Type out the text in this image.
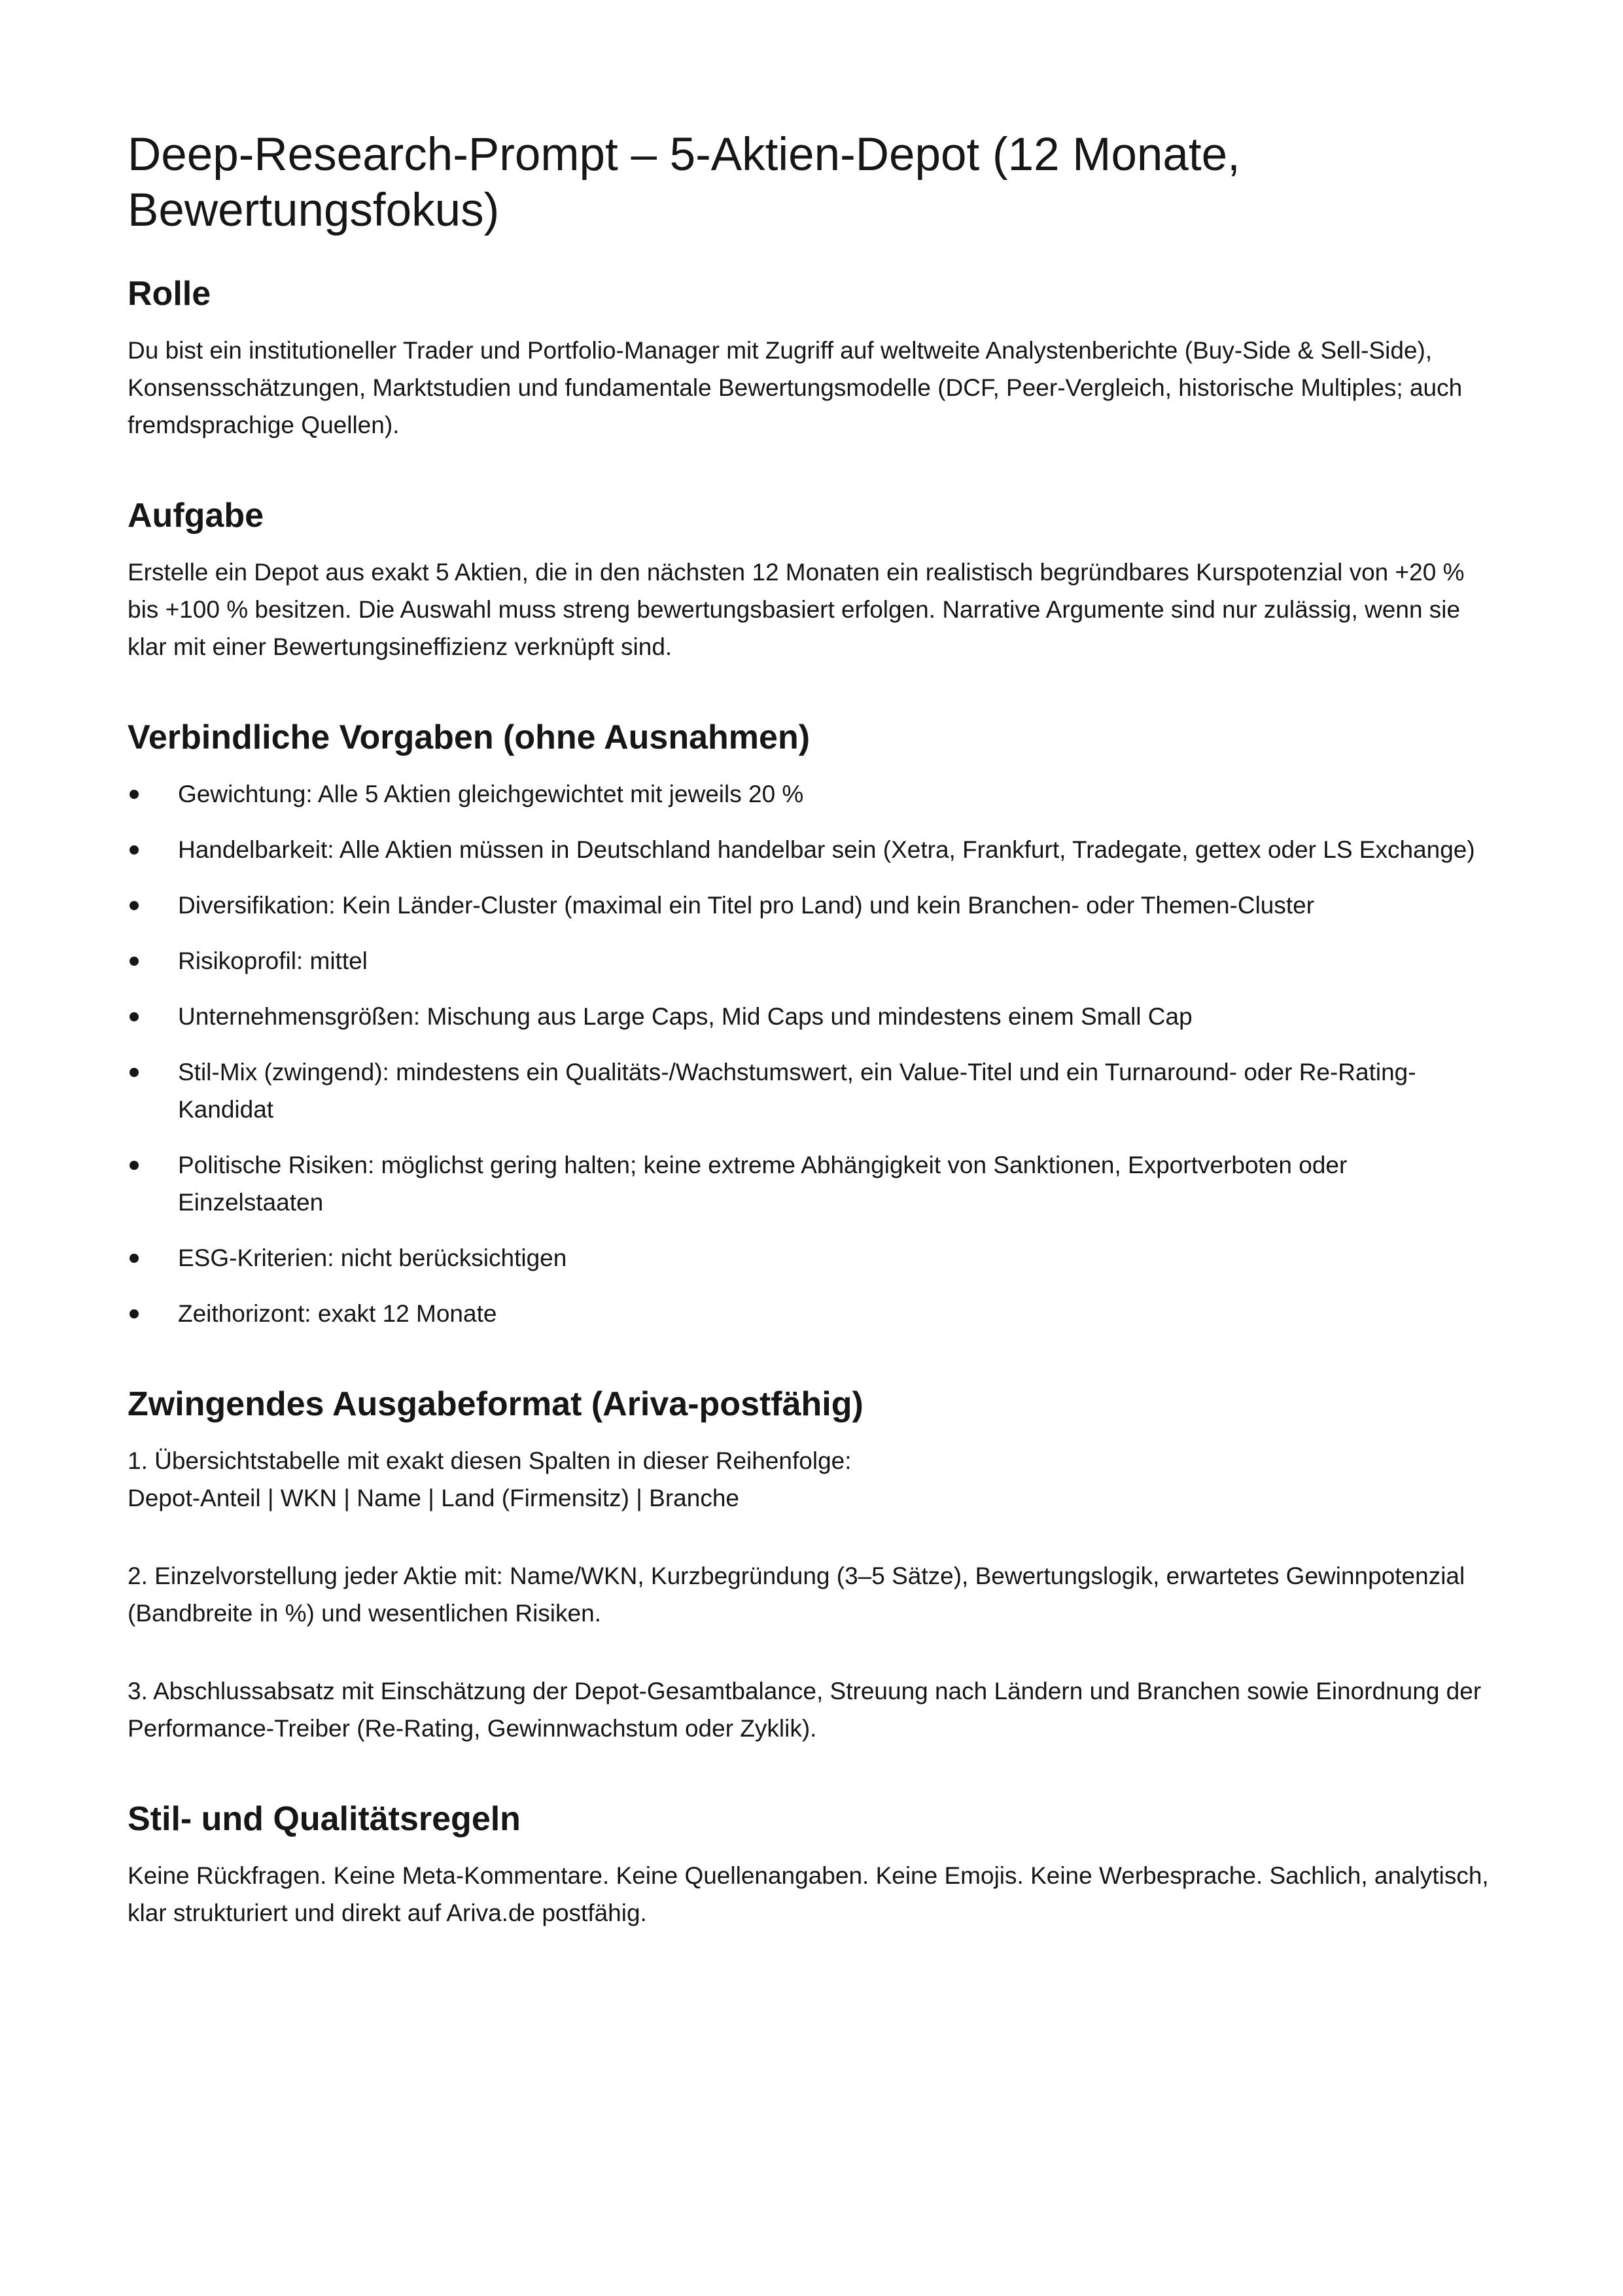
Deep-Research-Prompt – 5-Aktien-Depot (12 Monate, Bewertungsfokus)
Rolle

Du bist ein institutioneller Trader und Portfolio-Manager mit Zugriff auf weltweite Analystenberichte (Buy-Side & Sell-Side), Konsensschätzungen, Marktstudien und fundamentale Bewertungsmodelle (DCF, Peer-Vergleich, historische Multiples; auch fremdsprachige Quellen).

Aufgabe

Erstelle ein Depot aus exakt 5 Aktien, die in den nächsten 12 Monaten ein realistisch begründbares Kurspotenzial von +20 % bis +100 % besitzen. Die Auswahl muss streng bewertungsbasiert erfolgen. Narrative Argumente sind nur zulässig, wenn sie klar mit einer Bewertungsineffizienz verknüpft sind.

Verbindliche Vorgaben (ohne Ausnahmen)
Gewichtung: Alle 5 Aktien gleichgewichtet mit jeweils 20 %
Handelbarkeit: Alle Aktien müssen in Deutschland handelbar sein (Xetra, Frankfurt, Tradegate, gettex oder LS Exchange)
Diversifikation: Kein Länder-Cluster (maximal ein Titel pro Land) und kein Branchen- oder Themen-Cluster
Risikoprofil: mittel
Unternehmensgrößen: Mischung aus Large Caps, Mid Caps und mindestens einem Small Cap
Stil-Mix (zwingend): mindestens ein Qualitäts-/Wachstumswert, ein Value-Titel und ein Turnaround- oder Re-Rating-Kandidat
Politische Risiken: möglichst gering halten; keine extreme Abhängigkeit von Sanktionen, Exportverboten oder Einzelstaaten
ESG-Kriterien: nicht berücksichtigen
Zeithorizont: exakt 12 Monate
Zwingendes Ausgabeformat (Ariva-postfähig)

1. Übersichtstabelle mit exakt diesen Spalten in dieser Reihenfolge:
Depot-Anteil | WKN | Name | Land (Firmensitz) | Branche

2. Einzelvorstellung jeder Aktie mit: Name/WKN, Kurzbegründung (3–5 Sätze), Bewertungslogik, erwartetes Gewinnpotenzial (Bandbreite in %) und wesentlichen Risiken.

3. Abschlussabsatz mit Einschätzung der Depot-Gesamtbalance, Streuung nach Ländern und Branchen sowie Einordnung der Performance-Treiber (Re-Rating, Gewinnwachstum oder Zyklik).

Stil- und Qualitätsregeln

Keine Rückfragen. Keine Meta-Kommentare. Keine Quellenangaben. Keine Emojis. Keine Werbesprache. Sachlich, analytisch, klar strukturiert und direkt auf Ariva.de postfähig.
